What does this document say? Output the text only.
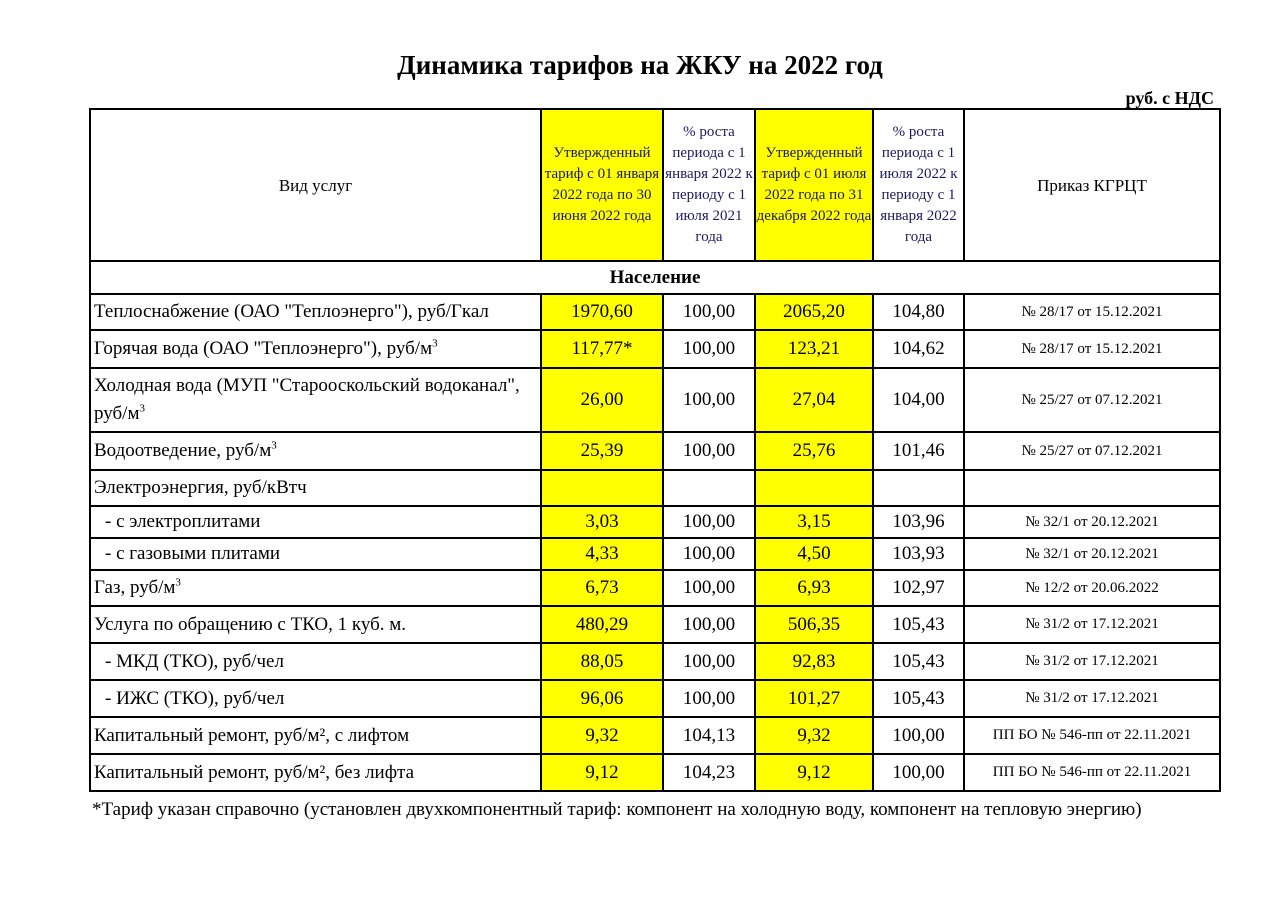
Динамика тарифов на ЖКУ на 2022 год
руб. с НДС
Вид услуг	Утвержденный тариф с 01 января 2022 года по 30 июня 2022 года	% роста периода с 1 января 2022 к периоду с 1 июля 2021 года	Утвержденный тариф с 01 июля 2022 года по 31 декабря 2022 года	% роста периода с 1 июля 2022 к периоду с 1 января 2022 года	Приказ КГРЦТ
Население					
Теплоснабжение (ОАО "Теплоэнерго"), руб/Гкал	1970,60	100,00	2065,20	104,80	№ 28/17 от 15.12.2021
Горячая вода (ОАО "Теплоэнерго"), руб/$м^3$	117,77*	100,00	123,21	104,62	№ 28/17 от 15.12.2021
Холодная вода (МУП "Старооскольский водоканал", руб/$м^3$	26,00	100,00	27,04	104,00	№ 25/27 от 07.12.2021
Водоотведение, руб/$м^3$	25,39	100,00	25,76	101,46	№ 25/27 от 07.12.2021
Электроэнергия, руб/кВтч					
- с электроплитами	3,03	100,00	3,15	103,96	№ 32/1 от 20.12.2021
- с газовыми плитами	4,33	100,00	4,50	103,93	№ 32/1 от 20.12.2021
Газ, руб/$м^3$	6,73	100,00	6,93	102,97	№ 12/2 от 20.06.2022
Услуга по обращению с ТКО, 1 куб. м.	480,29	100,00	506,35	105,43	№ 31/2 от 17.12.2021
- МКД (ТКО), руб/чел	88,05	100,00	92,83	105,43	№ 31/2 от 17.12.2021
- ИЖС (ТКО), руб/чел	96,06	100,00	101,27	105,43	№ 31/2 от 17.12.2021
Капитальный ремонт, руб/м², с лифтом	9,32	104,13	9,32	100,00	ПП БО № 546-пп от 22.11.2021
Капитальный ремонт, руб/м², без лифта	9,12	104,23	9,12	100,00	ПП БО № 546-пп от 22.11.2021
*Тариф указан справочно (установлен двухкомпонентный тариф: компонент на холодную воду, компонент на тепловую энергию)
